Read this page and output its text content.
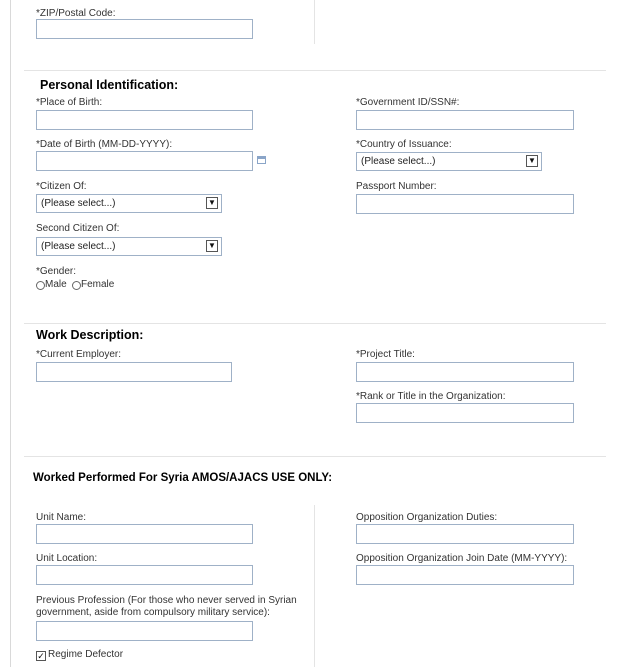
*ZIP/Postal Code:
Personal Identification:
*Place of Birth:
*Date of Birth (MM-DD-YYYY):
*Citizen Of:
(Please select...)	▼
Second Citizen Of:
(Please select...)	▼
*Gender:
Male Female
*Government ID/SSN#:
*Country of Issuance:
(Please select...)	▼
Passport Number:
Work Description:
*Current Employer:	*Project Title:
*Rank or Title in the Organization:
Worked Performed For Syria AMOS/AJACS USE ONLY:
Unit Name:
Unit Location:
Previous Profession (For those who never served in Syrian
government, aside from compulsory military service):
✓ Regime Defector
Opposition Organization Duties:
Opposition Organization Join Date (MM-YYYY):
